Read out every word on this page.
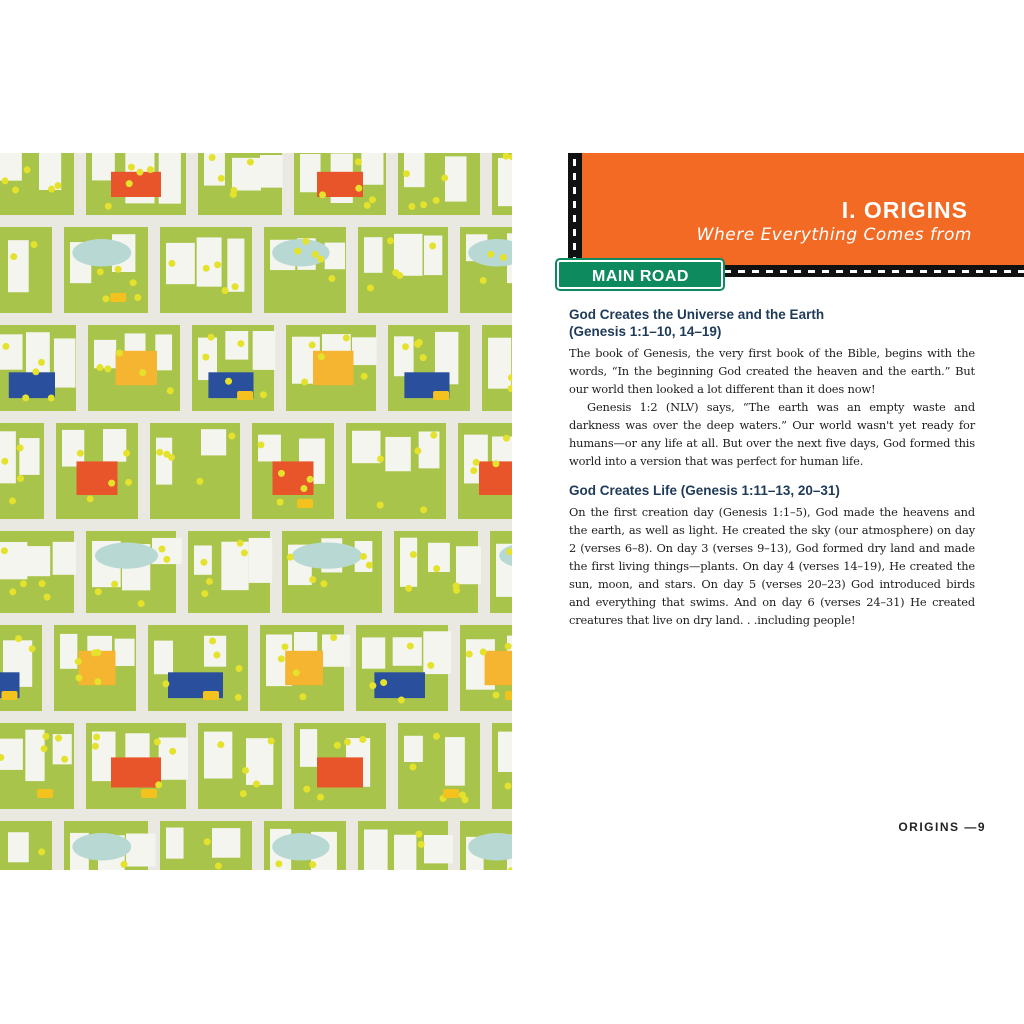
I. ORIGINS

Where Everything Comes from

MAIN ROAD
God Creates the Universe and the Earth
(Genesis 1:1–10, 14–19)

The book of Genesis, the very first book of the Bible, begins with the words, “In the beginning God created the heaven and the earth.” But our world then looked a lot different than it does now!

Genesis 1:2 (NLV) says, “The earth was an empty waste and darkness was over the deep waters.” Our world wasn't yet ready for humans—or any life at all. But over the next five days, God formed this world into a version that was perfect for human life.

God Creates Life (Genesis 1:11–13, 20–31)

On the first creation day (Genesis 1:1–5), God made the heavens and the earth, as well as light. He created the sky (our atmosphere) on day 2 (verses 6–8). On day 3 (verses 9–13), God formed dry land and made the first living things—plants. On day 4 (verses 14–19), He created the sun, moon, and stars. On day 5 (verses 20–23) God introduced birds and everything that swims. And on day 6 (verses 24–31) He created creatures that live on dry land. . .including people!

ORIGINS —9
